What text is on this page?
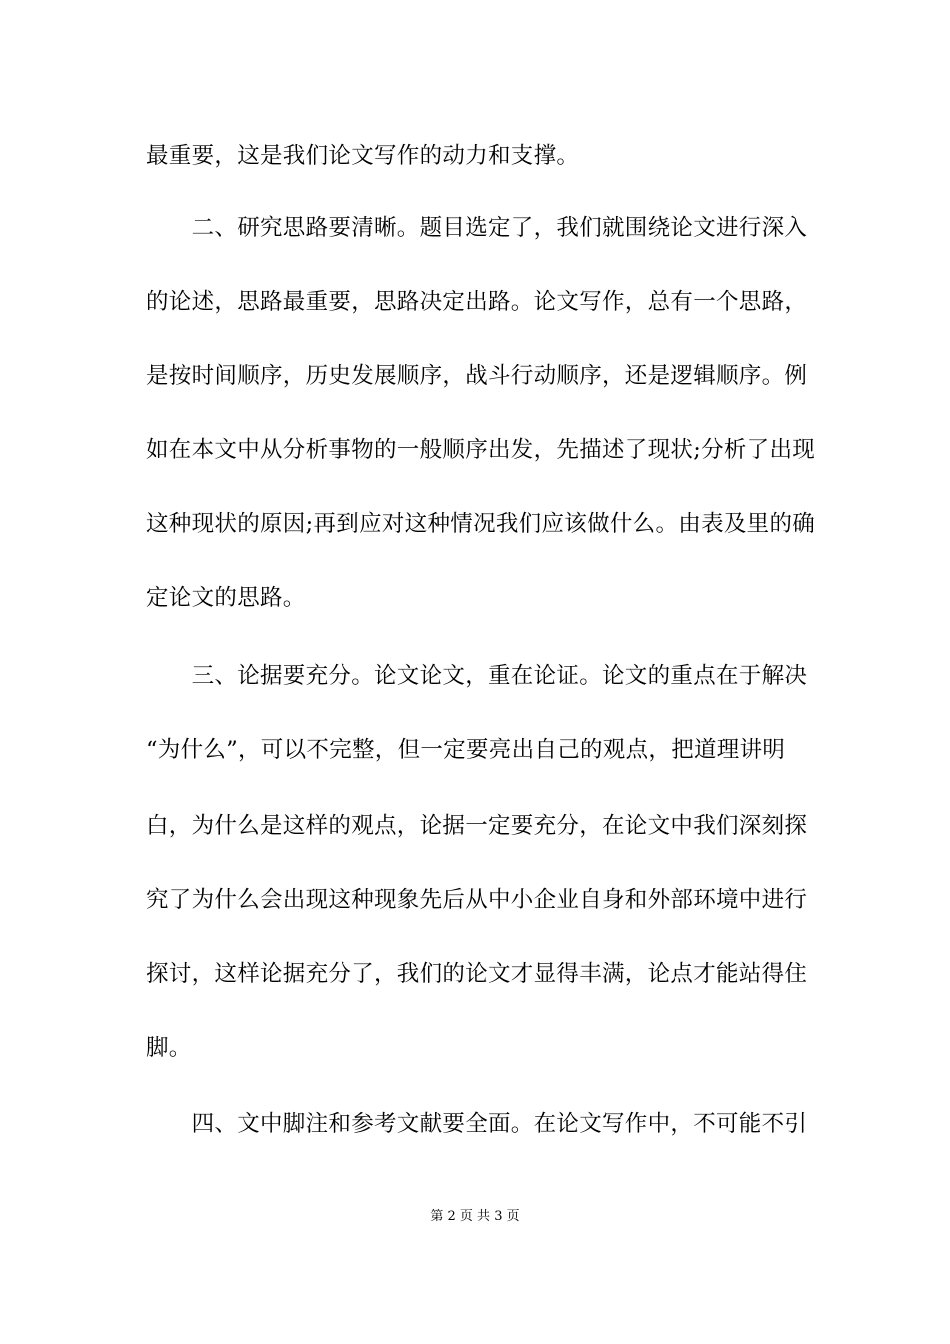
最重要，这是我们论文写作的动力和支撑。
　　二、研究思路要清晰。题目选定了，我们就围绕论文进行深入
的论述，思路最重要，思路决定出路。论文写作，总有一个思路，
是按时间顺序，历史发展顺序，战斗行动顺序，还是逻辑顺序。例
如在本文中从分析事物的一般顺序出发，先描述了现状;分析了出现
这种现状的原因;再到应对这种情况我们应该做什么。由表及里的确
定论文的思路。
　　三、论据要充分。论文论文，重在论证。论文的重点在于解决
“为什么”，可以不完整，但一定要亮出自己的观点，把道理讲明
白，为什么是这样的观点，论据一定要充分，在论文中我们深刻探
究了为什么会出现这种现象先后从中小企业自身和外部环境中进行
探讨，这样论据充分了，我们的论文才显得丰满，论点才能站得住
脚。
　　四、文中脚注和参考文献要全面。在论文写作中，不可能不引
第 2 页 共 3 页
